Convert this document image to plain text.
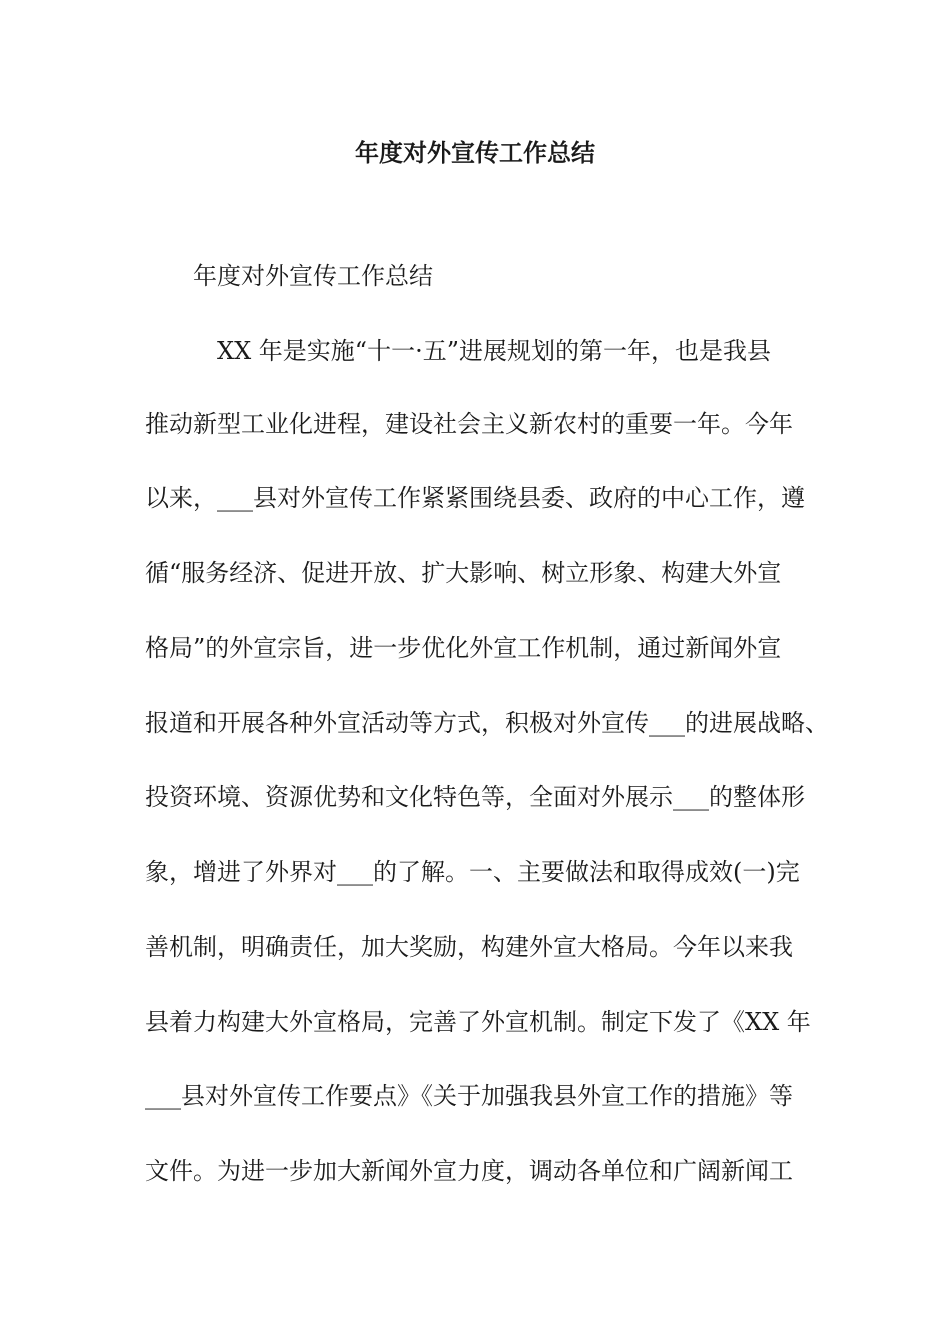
年度对外宣传工作总结
年度对外宣传工作总结
XX 年是实施“十一·五”进展规划的第一年，也是我县
推动新型工业化进程，建设社会主义新农村的重要一年。今年
以来，___县对外宣传工作紧紧围绕县委、政府的中心工作，遵
循“服务经济、促进开放、扩大影响、树立形象、构建大外宣
格局”的外宣宗旨，进一步优化外宣工作机制，通过新闻外宣
报道和开展各种外宣活动等方式，积极对外宣传___的进展战略、
投资环境、资源优势和文化特色等，全面对外展示___的整体形
象，增进了外界对___的了解。一、主要做法和取得成效(一)完
善机制，明确责任，加大奖励，构建外宣大格局。今年以来我
县着力构建大外宣格局，完善了外宣机制。制定下发了《XX 年
___县对外宣传工作要点》《关于加强我县外宣工作的措施》等
文件。为进一步加大新闻外宣力度，调动各单位和广阔新闻工
